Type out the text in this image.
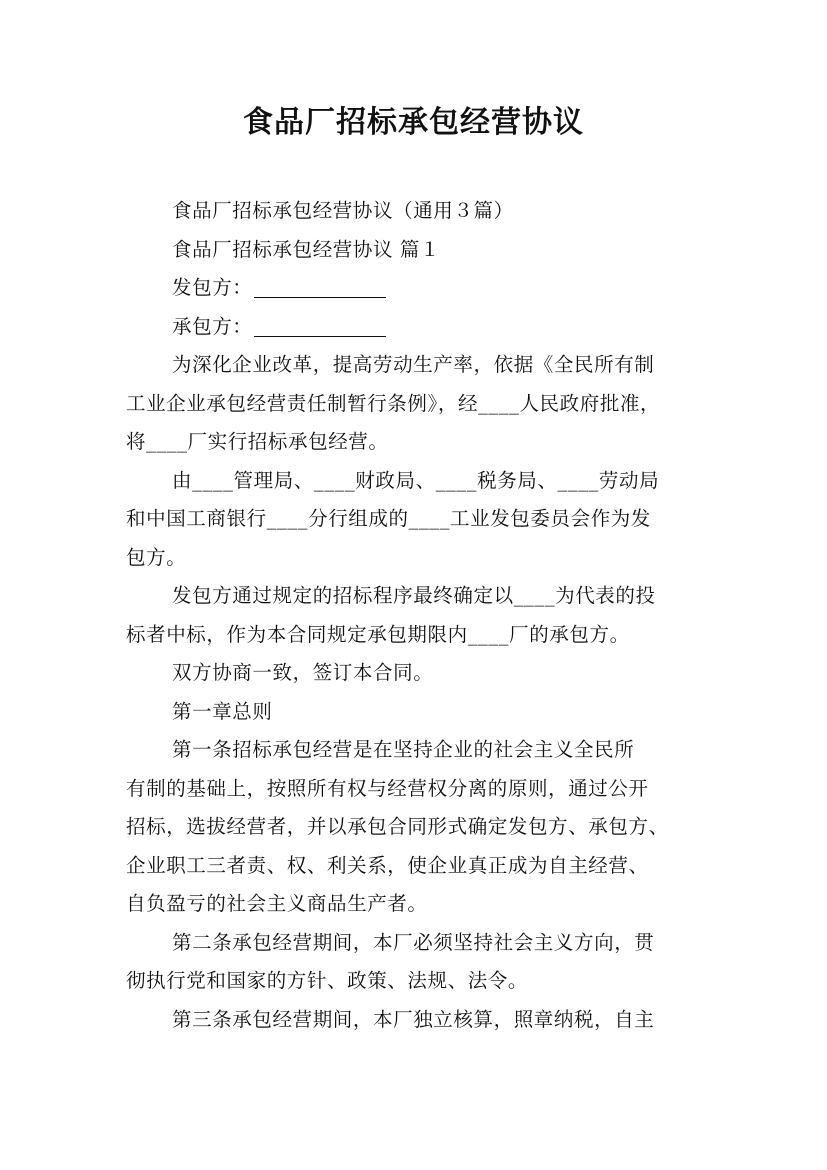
食品厂招标承包经营协议
食品厂招标承包经营协议（通用３篇）
食品厂招标承包经营协议 篇１
发包方：
承包方：
为深化企业改革，提高劳动生产率，依据《全民所有制
工业企业承包经营责任制暂行条例》，经____人民政府批准，
将____厂实行招标承包经营。
由____管理局、____财政局、____税务局、____劳动局
和中国工商银行____分行组成的____工业发包委员会作为发
包方。
发包方通过规定的招标程序最终确定以____为代表的投
标者中标，作为本合同规定承包期限内____厂的承包方。
双方协商一致，签订本合同。
第一章总则
第一条招标承包经营是在坚持企业的社会主义全民所
有制的基础上，按照所有权与经营权分离的原则，通过公开
招标，选拔经营者，并以承包合同形式确定发包方、承包方、
企业职工三者责、权、利关系，使企业真正成为自主经营、
自负盈亏的社会主义商品生产者。
第二条承包经营期间，本厂必须坚持社会主义方向，贯
彻执行党和国家的方针、政策、法规、法令。
第三条承包经营期间，本厂独立核算，照章纳税，自主
